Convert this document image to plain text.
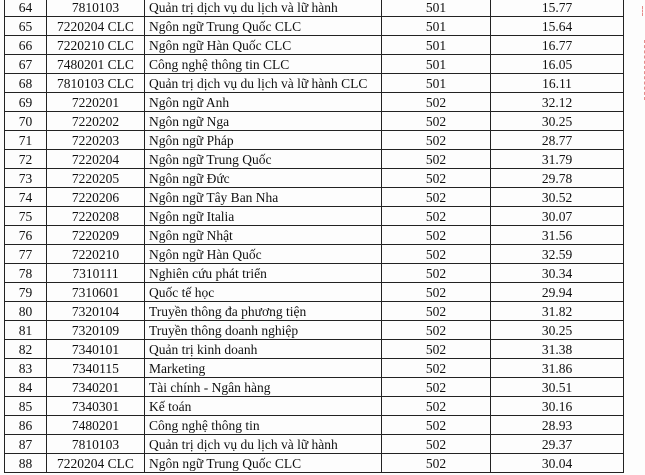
64	7810103	Quản trị dịch vụ du lịch và lữ hành	501	15.77
65	7220204 CLC	Ngôn ngữ Trung Quốc CLC	501	15.64
66	7220210 CLC	Ngôn ngữ Hàn Quốc CLC	501	16.77
67	7480201 CLC	Công nghệ thông tin CLC	501	16.05
68	7810103 CLC	Quản trị dịch vụ du lịch và lữ hành CLC	501	16.11
69	7220201	Ngôn ngữ Anh	502	32.12
70	7220202	Ngôn ngữ Nga	502	30.25
71	7220203	Ngôn ngữ Pháp	502	28.77
72	7220204	Ngôn ngữ Trung Quốc	502	31.79
73	7220205	Ngôn ngữ Đức	502	29.78
74	7220206	Ngôn ngữ Tây Ban Nha	502	30.52
75	7220208	Ngôn ngữ Italia	502	30.07
76	7220209	Ngôn ngữ Nhật	502	31.56
77	7220210	Ngôn ngữ Hàn Quốc	502	32.59
78	7310111	Nghiên cứu phát triển	502	30.34
79	7310601	Quốc tế học	502	29.94
80	7320104	Truyền thông đa phương tiện	502	31.82
81	7320109	Truyền thông doanh nghiệp	502	30.25
82	7340101	Quản trị kinh doanh	502	31.38
83	7340115	Marketing	502	31.86
84	7340201	Tài chính - Ngân hàng	502	30.51
85	7340301	Kế toán	502	30.16
86	7480201	Công nghệ thông tin	502	28.93
87	7810103	Quản trị dịch vụ du lịch và lữ hành	502	29.37
88	7220204 CLC	Ngôn ngữ Trung Quốc CLC	502	30.04
